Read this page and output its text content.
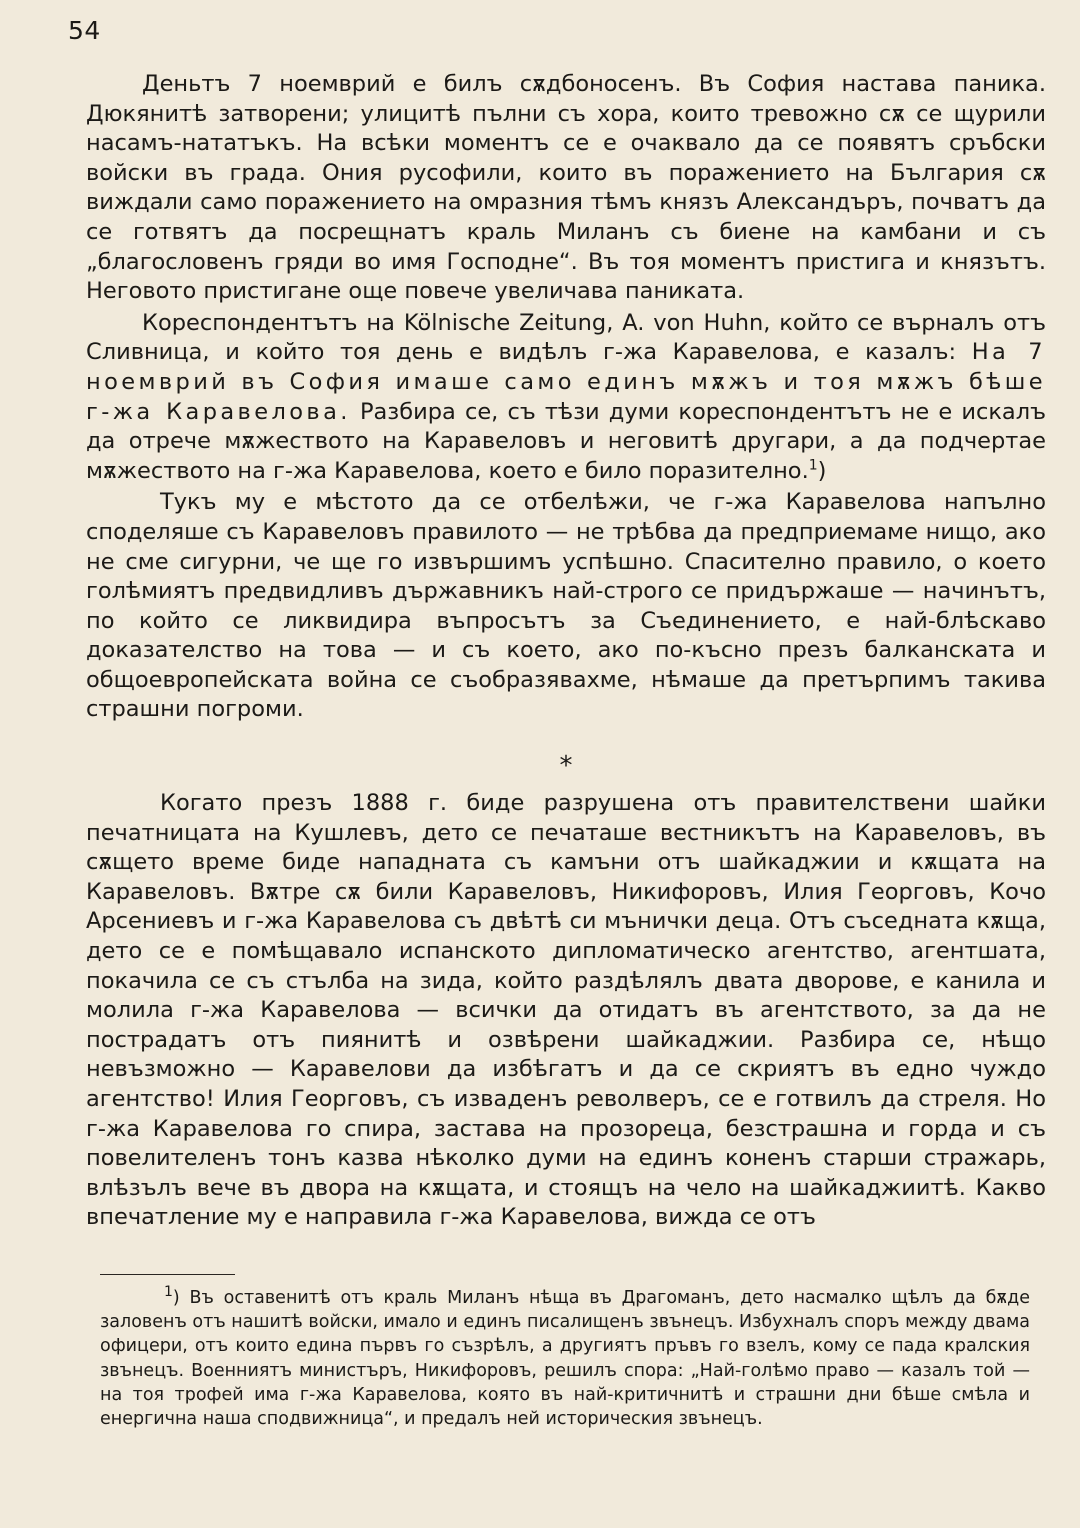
54

Деньтъ 7 ноемврий е билъ сѫдбоносенъ. Въ София настава паника. Дюкянитѣ затворени; улицитѣ пълни съ хора, които тревожно сѫ се щурили насамъ-нататъкъ. На всѣки моментъ се е очаквало да се появятъ сръбски войски въ града. Ония русофили, които въ поражението на България сѫ виждали само поражението на омразния тѣмъ князъ Александъръ, почватъ да се готвятъ да посрещнатъ краль Миланъ съ биене на камбани и съ „благословенъ гряди во имя Господне“. Въ тоя моментъ пристига и князътъ. Неговото пристигане още повече увеличава паниката.

Кореспондентътъ на Kölnische Zeitung, A. von Huhn, който се върналъ отъ Сливница, и който тоя день е видѣлъ г-жа Каравелова, е казалъ: На 7 ноемврий въ София имаше само единъ мѫжъ и тоя мѫжъ бѣше г-жа Каравелова. Разбира се, съ тѣзи думи кореспондентътъ не е искалъ да отрече мѫжеството на Каравеловъ и неговитѣ другари, а да подчертае мѫжеството на г-жа Каравелова, което е било поразително.$^1$)

Тукъ му е мѣстото да се отбелѣжи, че г-жа Каравелова напълно споделяше съ Каравеловъ правилото — не трѣбва да предприемаме нищо, ако не сме сигурни, че ще го извършимъ успѣшно. Спасително правило, о което голѣмиятъ предвидливъ държавникъ най-строго се придържаше — начинътъ, по който се ликвидира въпросътъ за Съединението, е най-блѣскаво доказателство на това — и съ което, ако по-късно презъ балканската и общоевропейската война се съобразявахме, нѣмаше да претърпимъ такива страшни погроми.

*

Когато презъ 1888 г. биде разрушена отъ правителствени шайки печатницата на Кушлевъ, дето се печаташе вестникътъ на Каравеловъ, въ сѫщето време биде нападната съ камъни отъ шайкаджии и кѫщата на Каравеловъ. Вѫтре сѫ били Каравеловъ, Никифоровъ, Илия Георговъ, Кочо Арсениевъ и г-жа Каравелова съ двѣтѣ си мънички деца. Отъ съседната кѫща, дето се е помѣщавало испанското дипломатическо агентство, агентшата, покачила се съ стълба на зида, който раздѣлялъ двата дворове, е канила и молила г-жа Каравелова — всички да отидатъ въ агентството, за да не пострадатъ отъ пиянитѣ и озвѣрени шайкаджии. Разбира се, нѣщо невъзможно — Каравелови да избѣгатъ и да се скриятъ въ едно чуждо агентство! Илия Георговъ, съ изваденъ револверъ, се е готвилъ да стреля. Но г-жа Каравелова го спира, застава на прозореца, безстрашна и горда и съ повелителенъ тонъ казва нѣколко думи на единъ коненъ старши стражарь, влѣзълъ вече въ двора на кѫщата, и стоящъ на чело на шайкаджиитѣ. Какво впечатление му е направила г-жа Каравелова, вижда се отъ

$^1$) Въ оставенитѣ отъ краль Миланъ нѣща въ Драгоманъ, дето насмалко щѣлъ да бѫде заловенъ отъ нашитѣ войски, имало и единъ писалищенъ звънецъ. Избухналъ споръ между двама офицери, отъ които едина първъ го съзрѣлъ, а другиятъ пръвъ го взелъ, кому се пада кралския звънецъ. Военниятъ министъръ, Никифоровъ, решилъ спора: „Най-голѣмо право — казалъ той — на тоя трофей има г-жа Каравелова, която въ най-критичнитѣ и страшни дни бѣше смѣла и енергична наша сподвижница“, и предалъ ней историческия звънецъ.
